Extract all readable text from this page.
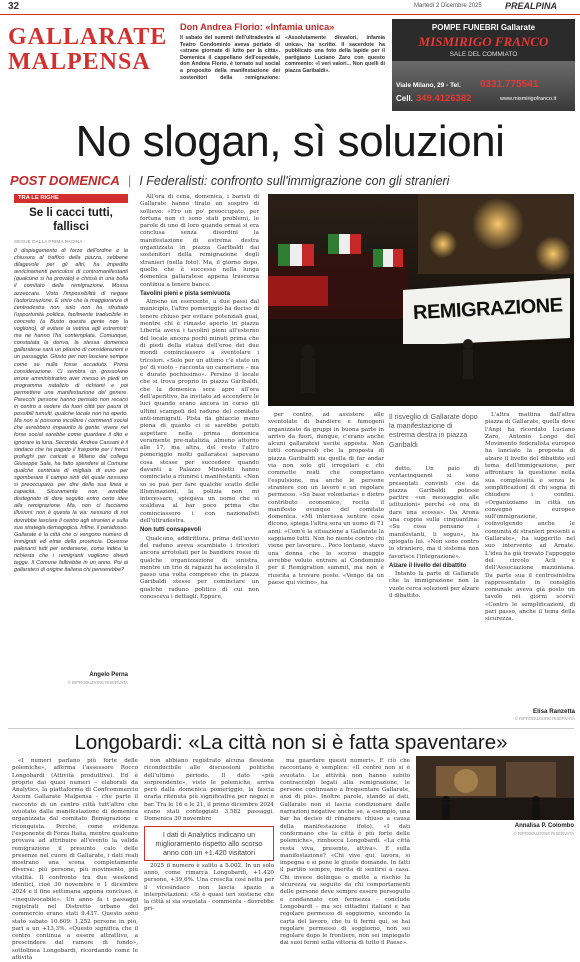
32	Martedì 2 Dicembre 2025	PREALPINA
GALLARATE
MALPENSA
Don Andrea Florio: «Infamia unica»
Il sabato del summit dell'ultradestra al Teatro Condominio aveva portato di «strane giornate di lutto per la città». Domenica il cappellano dell'ospedale, don Andrea Florio, è tornato sul social a proposito della manifestazione dei sostenitori della remigrazione: «Assolutamente disvalori, infamia unica», ha scritto. Il sacerdote ha pubblicato una foto della lapide per il partigiano Luciano Zaro con questo commento: «I veri valori... Non quelli di piazza Garibaldi».
POMPE FUNEBRI Gallarate
MISMIRIGO FRANCO
SALE DEL COMMIATO
Viale Milano, 29 - Tel. 0331.775541
Cell. 349.4126382	www.mismirigofranco.it
No slogan, sì soluzioni
POST DOMENICA  |  I Federalisti: confronto sull'immigrazione con gli stranieri
TRA LE RIGHE
Se li cacci tutti, fallisci
SEGUE DALLA PRIMA PAGINA
Il dispiegamento di forze dell'ordine e la chiusura al traffico della piazza, sebbene dilagevole per gli altri, ha impedito avvicinamenti pericolosi di contromanifestanti (qualcuno si ha provato) e chissà in una bolla il comitato della remigrazione. Mossa azzeccata. Vista l'impossibilità di negare l'autorizzazione. E visto che la maggioranza di centrodestra non solo non ha sfruttato l'opportunità politica, facilmente traducibile in concreto (a Busto questa gente non la vogliono), di evitare la vetrina agli estremisti: ma ne hanno l'ha contemplata. Comunque, constatata la deriva, la stessa domenica gallaratese sarà un pilastro di considerazioni e un passaggio. Giusto per non lasciare sempre come se nulla fosse accaduto. Prima considerazione. Ci sembra un grossolano errore amministrativo aver messo in piedi un programma natalizio di richiami e poi permettere una manifestazione del genere. Parecchi persone hanno pensato non recarsi in centro a vedere da fuori città per paura di possibili tumulti, qualche locale non ha aperto. Ma non si possono incollare i commenti social che avrebbero impaurito la gente: vivere nel forse social sarebbe come guardare il dito e ignorare la luna. Seconda. Andrea Cassani è il sindaco che ha pagato il trasporto per i frenci profughi per caricati a Milano dal collega Giuseppe Sala, ha fatto spendere al Comune qualche centinaia di migliaia di euro per sgomberare il campo sinti del quale nessuno si preoccupava: per dire della sua linea e capacità. Sicuramente non avrebbe disdegnato di dare seguito entro certe idee alla remigrazione. Ma, non ci facciamo illusioni: non è questa la via: nessuno di noi dovrebbe lasciare il centro agli stranieri e sulla sua strategia demagogica. Infine, il paradosso. Gallarate è la città che ci vengono numero di immigrati ed etnie della provincia. Dovesse palesarsi tutti per andarsene, come indica la richiesta che i remigranti vogliono diverti tegge. Il Comune fallirebbe in un anno. Poi ai gallaratesi di origine italiana chi penserebbe?
Angelo Perna
© RIPRODUZIONE RISERVATA

All'ora di cena, domenica, i baristi di Gallarate hanno tirato un sospiro di sollievo: «Ero un po' preoccupato, per fortuna non ci sono stati problemi, le parole di uno di loro quando ormai si era conclusa senza disordini la manifestazione di estrema destra organizzata in piazza Garibaldi dai sostenitori della remigrazione degli stranieri (nella foto). Ma, il giorno dopo, quello che è successo nella lunga domenica gallaratese appena trascorsa continua a tenere banco.

Tavolini pieni e pista semivuota

Almeno un esercente, a due passi dal municipio, l'altro pomeriggio ha deciso di tenere chiuso per evitare potenziali guai, mentre chi è rimasto aperto in piazza Libertà aveva i tavolini pieni all'esterno del locale ancora pochi minuti prima che di piedi della statua dell'eroe dei due mondi cominciassero a sventolare i tricolori. «Solo per un attimo c'è stato un po' di vuoto – racconta un cameriere – ma è durato pochissimo». Persino il locale che si trova proprio in piazza Garibaldi, che la domenica sera apre all'ora dell'aperitivo, ha invitato ad accendere le luci quando erano ancora in corso gli ultimi scampoli del raduno del comitato anti-immigrati. Pista da ghiaccio meno piena di quanto ci si sarebbe potuti aspettare nella prima domenica veramente pre-natalizia, almeno attorno alle 17, ma altra, del resto l'altro pomeriggio molti gallaratesi sapevano cosa stesse per succedere quando davanti a Palazzo Minoletti hanno cominciato a riunirsi i manifestanti. «Non so se può per fare qualche scatto delle illuminazioni, la polizia non mi interessare, spiegava un uomo che si scaldava al bar poco prima che cominciassero i con nazionalisti dell'ultradestra.

Non tutti consapevoli

Qualcuno, addirittura, prima dell'avvio del raduno aveva scambiato i tricolori ancora arrotolati per le bandiere rosse di qualche organizzazione di sinistra, mentre un trio di ragazzi ha accelerato il passo una volta compreso che in piazza Garibaldi stesse per cominciare un qualche raduno politico di cui non conosceva i dettagli. Eppure,

REMIGRAZIONE

per contro, ad assistere alle sventolate di bandiere e fumogeni organizzato da gruppi in buona parte in arrivo da fuori, dunque, c'erano anche alcuni gallaratesi uscite apposta. Non tutti consapevoli che la proposta di piazza Garibaldi sia quella di far andar via non solo gli irregolari e chi commette reati che comportano l'espulsione, ma anche le persone straniere con un lavoro e un regolare permesso. «Su base volontaria» e dietro contributo economico, recita il manifesto ovunque del comitato domenica. «Mi interessa sentire cosa dicono, spiega l'altra sera un uomo di 71 anni. «Com'è la situazione a Gallarate la sappiamo tutti. Non ho niente contro chi viene per lavorare... Poco lontano, stavo una donna che lo scorso maggio avrebbe voluto entrare al Condominio per il Remigration summit, ma non è riuscita a trovare posto. «Vengo da un paese qui vicino», ha

Il risveglio di Gallarate dopo la manifestazione di estrema destra in piazza Garibaldi

detto. Un paio di ventacinquenni si sono presentati convinti che da piazza Garibaldi potesse partire «un messaggio alle istituzioni» perché «è ora di dare una scossa». Da Arona una coppia sulla cinquantina: «Su cosa pensano i manifestanti, li seguo», ha spiegato lui. «Non sono contro lo straniero, ma il sistema non favorisce l'integrazione».

Alzare il livello del dibattito

Intanto la parte di Gallarate che la immigrazione non la vuole cerca soluzioni per alzare il dibattito.

L'altra mattina dall'altra piazza di Gallarate, quella dove l'Anpi ha ricordato Luciano Zaro, Antonio Longo del Movimento federalista europeo ha lanciato la proposta di alzare il livello del dibattito sul tema dell'immigrazione, per affrontare la questione nella sua complessità e senza le semplificazioni di chi sogna di chiudere i confini. «Organizziamo in città un convegno europeo sull'immigrazione, coinvolgendo anche le comunità di stranieri presenti a Gallarate», ha suggerito nel suo intervento ad Arnate. L'idea ha già trovato l'appoggio del circolo Acli e dell'Associazione mazziniana. Da parte sua il centrosinistra rappresentato in consiglio comunale aveva già posto un tavolo nei giorni scorsi: «Contro le semplificazioni, di pari passo, anche il tema della sicurezza.

Elisa Ranzetta
© RIPRODUZIONE RISERVATA
Longobardi: «La città non si è fatta spaventare»

«I numeri parlano più forte delle polemiche», afferma l'assessore Rocco Longobardi (Attività produttive). Ed è proprio dai quasi numeri – elaborati da Analytics, la piattaforma di Confcommercio Ascom Gallarate Malpensa – che parte il racconto di un centro città tutt'altro che svuotato dalla manifestazione di domenica organizzata dal comitato Remigrazione e riconquista. Perché, come evidenza l'esponente di Forza Italia, mentre qualcuno provava ad attribuire all'evento la valida remigrazione il presunto calo delle presenze nel cuore di Gallarate, i dati reali mostrano una scena completamente diversa: più persone, più movimento, più vitalità. Il confronto tra due weekend identici, cioè 30 novembre e 1 dicembre 2024 e il fine settimana appena concluso, è «inequivocabile». Un anno fa i passaggi registrati nel Distretto urbano del commercio erano stati 9.437. Questo sono stato sabato 10.609: 1.252 persone in più, pari a un +13,3%. «Questo significa che il centro continua a essere attrattivo, a prescindere dal rumore di fondo», sottolinea Longobardi, ricordando come le attività

non abbiano registrato alcuna flessione riconducibile alle discussioni politiche dell'ultimo periodo. Il dato «più sorprendente», visto le polemiche, arriva però dalla domenica pomeriggio, la fascia oraria ritenuta più significativa per negozi e bar. Tra le 16 e le 21, il primo dicembre 2024 erano stati conteggiati 3.582 passaggi. Domenica 30 novembre

I dati di Analytics indicano un miglioramento rispetto allo scorso anno con un +1.420 visitatori

2025 il numero è salito a 5.002. In un solo anno, come rimarca Longobardi, +1.420 persone, +39,6%. Una crescita così netta per il vicesindaco non lascia spazio a interpretazioni: «Si è quasi ieri sostiene che la città si sia svuotata - commenta - dovrebbe pri-

ma guardare questi numeri». E ciò che raccontano è semplice: «Il centro non si è svuotato. Le attività non hanno subito contraccolpi legati alla remigrazione, le persone continuano a frequentare Gallarate, anzi di più». Inoltre parole, stando ai dati, Gallarate non si lascia condizionare dalle narrazioni negative anche se, a esempio, una bar ha deciso di rimanere chiuso a causa della manifestazione (foto). «I dati confermano che la città è più forte delle polemiche», rimbocca Longobardi. «La città resta viva, presente, attiva». E sulla manifestazione? «Chi vive qui, lavora, si impegna e si pone le giuste domande. In fatti il partito sempre, merita di sentirsi a casa. Chi invece delinque o mette a rischio la sicurezza va seguito da chi comportamenti delle persone deve sempre essere perseguito e condannato con fermezza - conclude Longobardi - ma sei cittadini italiani e hai regolare permesso di soggiorno, secondo la carta del lavoro, che tu ti fermi qui, se hai regolare permesso di soggiorno, non sei regolare dopo le frontiere, non sei impiegato dai suoi fermi sulla vittoria di tutto il Paese».

Annalisa P. Colombo
© RIPRODUZIONE RISERVATA
